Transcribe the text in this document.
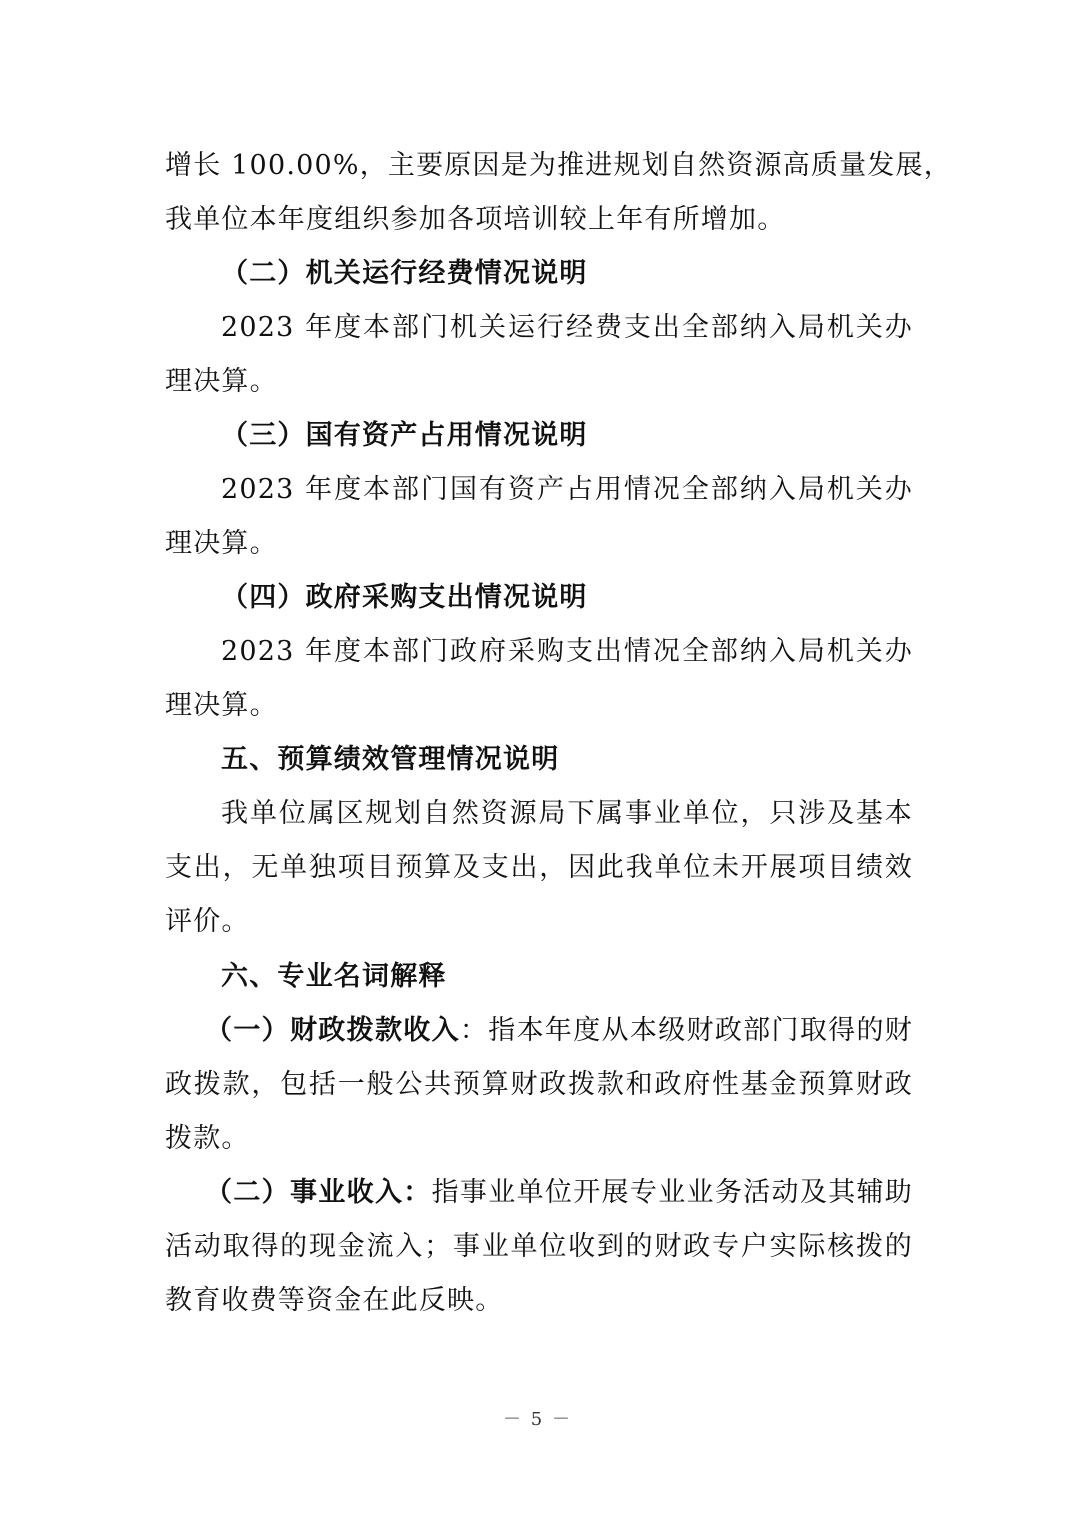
增长 100.00%，主要原因是为推进规划自然资源高质量发展，
我单位本年度组织参加各项培训较上年有所增加。
（二）机关运行经费情况说明
2023 年度本部门机关运行经费支出全部纳入局机关办
理决算。
（三）国有资产占用情况说明
2023 年度本部门国有资产占用情况全部纳入局机关办
理决算。
（四）政府采购支出情况说明
2023 年度本部门政府采购支出情况全部纳入局机关办
理决算。
五、预算绩效管理情况说明
我单位属区规划自然资源局下属事业单位，只涉及基本
支出，无单独项目预算及支出，因此我单位未开展项目绩效
评价。
六、专业名词解释
（一）财政拨款收入：指本年度从本级财政部门取得的财
政拨款，包括一般公共预算财政拨款和政府性基金预算财政
拨款。
（二）事业收入：指事业单位开展专业业务活动及其辅助
活动取得的现金流入；事业单位收到的财政专户实际核拨的
教育收费等资金在此反映。
－ 5 －
